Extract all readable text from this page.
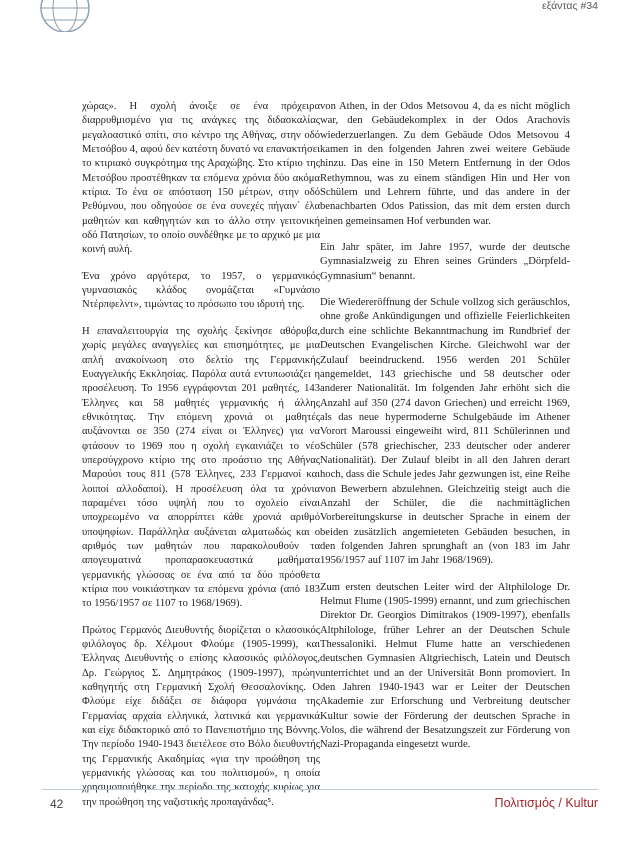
εξάντας #34

χώρας». Η σχολή άνοιξε σε ένα πρόχειρα διαρρυθμισμένο για τις ανάγκες της διδασκαλίας μεγαλοαστικό σπίτι, στο κέντρο της Αθήνας, στην οδό Μετσόβου 4, αφού δεν κατέστη δυνατό να επανακτήσει το κτιριακό συγκρότημα της Αραχώβης. Στο κτίριο της Μετσόβου προστέθηκαν τα επόμενα χρόνια δύο ακόμα κτίρια. Το ένα σε απόσταση 150 μέτρων, στην οδό Ρεθύμνου, που οδηγούσε σε ένα συνεχές πήγαιν΄ έλα μαθητών και καθηγητών και το άλλο στην γειτονική οδό Πατησίων, το οποίο συνδέθηκε με το αρχικό με μια κοινή αυλή.

Ένα χρόνο αργότερα, το 1957, ο γερμανικός γυμνασιακός κλάδος ονομάζεται «Γυμνάσιο Ντέρπφελντ», τιμώντας το πρόσωπο του ιδρυτή της.

Η επαναλειτουργία της σχολής ξεκίνησε αθόρυβα, χωρίς μεγάλες αναγγελίες και επισημότητες, με μια απλή ανακοίνωση στο δελτίο της Γερμανικής Ευαγγελικής Εκκλησίας. Παρόλα αυτά εντυπωσιάζει η προσέλευση. Το 1956 εγγράφονται 201 μαθητές, 143 Έλληνες και 58 μαθητές γερμανικής ή άλλης εθνικότητας. Την επόμενη χρονιά οι μαθητές αυξάνονται σε 350 (274 είναι οι Έλληνες) για να φτάσουν το 1969 που η σχολή εγκαινιάζει το νέο υπερσύγχρονο κτίριο της στο προάστιο της Αθήνας Μαρούσι τους 811 (578 Έλληνες, 233 Γερμανοί και λοιποί αλλοδαποί). Η προσέλευση όλα τα χρόνια παραμένει τόσο υψηλή που το σχολείο είναι υποχρεωμένο να απορρίπτει κάθε χρονιά αριθμό υποψηφίων. Παράλληλα αυξάνεται αλματωδώς και ο αριθμός των μαθητών που παρακολουθούν τα απογευματινά προπαρασκευαστικά μαθήματα γερμανικής γλώσσας σε ένα από τα δύο πρόσθετα κτίρια που νοικιάστηκαν τα επόμενα χρόνια (από 183 το 1956/1957 σε 1107 το 1968/1969).

Πρώτος Γερμανός Διευθυντής διορίζεται ο κλασσικός φιλόλογος δρ. Χέλμουτ Φλούμε (1905-1999), και Έλληνας Διευθυντής ο επίσης κλασσικός φιλόλογος, Δρ. Γεώργιος Σ. Δημητράκος (1909-1997), πρώην καθηγητής στη Γερμανική Σχολή Θεσσαλονίκης. Ο Φλούμε είχε διδάξει σε διάφορα γυμνάσια της Γερμανίας αρχαία ελληνικά, λατινικά και γερμανικά και είχε διδακτορικό από το Πανεπιστήμιο της Βόννης. Την περίοδο 1940-1943 διετέλεσε στο Βόλο διευθυντής της Γερμανικής Ακαδημίας «για την προώθηση της γερμανικής γλώσσας και του πολιτισμού», η οποία χρησιμοποιήθηκε την περίοδο της κατοχής κυρίως για την προώθηση της ναζιστικής προπαγάνδας⁵.

von Athen, in der Odos Metsovou 4, da es nicht möglich war, den Gebäudekomplex in der Odos Arachovis wiederzuerlangen. Zu dem Gebäude Odos Metsovou 4 kamen in den folgenden Jahren zwei weitere Gebäude hinzu. Das eine in 150 Metern Entfernung in der Odos Rethymnou, was zu einem ständigen Hin und Her von Schülern und Lehrern führte, und das andere in der benachbarten Odos Patission, das mit dem ersten durch einen gemeinsamen Hof verbunden war.

Ein Jahr später, im Jahre 1957, wurde der deutsche Gymnasialzweig zu Ehren seines Gründers „Dörpfeld-Gymnasium“ benannt.

Die Wiedereröffnung der Schule vollzog sich geräuschlos, ohne große Ankündigungen und offizielle Feierlichkeiten durch eine schlichte Bekanntmachung im Rundbrief der Deutschen Evangelischen Kirche. Gleichwohl war der Zulauf beeindruckend. 1956 werden 201 Schüler angemeldet, 143 griechische und 58 deutscher oder anderer Nationalität. Im folgenden Jahr erhöht sich die Anzahl auf 350 (274 davon Griechen) und erreicht 1969, als das neue hypermoderne Schulgebäude im Athener Vorort Maroussi eingeweiht wird, 811 Schülerinnen und Schüler (578 griechischer, 233 deutscher oder anderer Nationalität). Der Zulauf bleibt in all den Jahren derart hoch, dass die Schule jedes Jahr gezwungen ist, eine Reihe von Bewerbern abzulehnen. Gleichzeitig steigt auch die Anzahl der Schüler, die die nachmittäglichen Vorbereitungskurse in deutscher Sprache in einem der beiden zusätzlich angemieteten Gebäuden besuchen, in den folgenden Jahren sprunghaft an (von 183 im Jahr 1956/1957 auf 1107 im Jahr 1968/1969).

Zum ersten deutschen Leiter wird der Altphilologe Dr. Helmut Flume (1905-1999) ernannt, und zum griechischen Direktor Dr. Georgios Dimitrakos (1909-1997), ebenfalls Altphilologe, früher Lehrer an der Deutschen Schule Thessaloniki. Helmut Flume hatte an verschiedenen deutschen Gymnasien Altgriechisch, Latein und Deutsch unterrichtet und an der Universität Bonn promoviert. In den Jahren 1940-1943 war er Leiter der Deutschen Akademie zur Erforschung und Verbreitung deutscher Kultur sowie der Förderung der deutschen Sprache in Volos, die während der Besatzungszeit zur Förderung von Nazi-Propaganda eingesetzt wurde.

42	Πολιτισμός / Kultur
